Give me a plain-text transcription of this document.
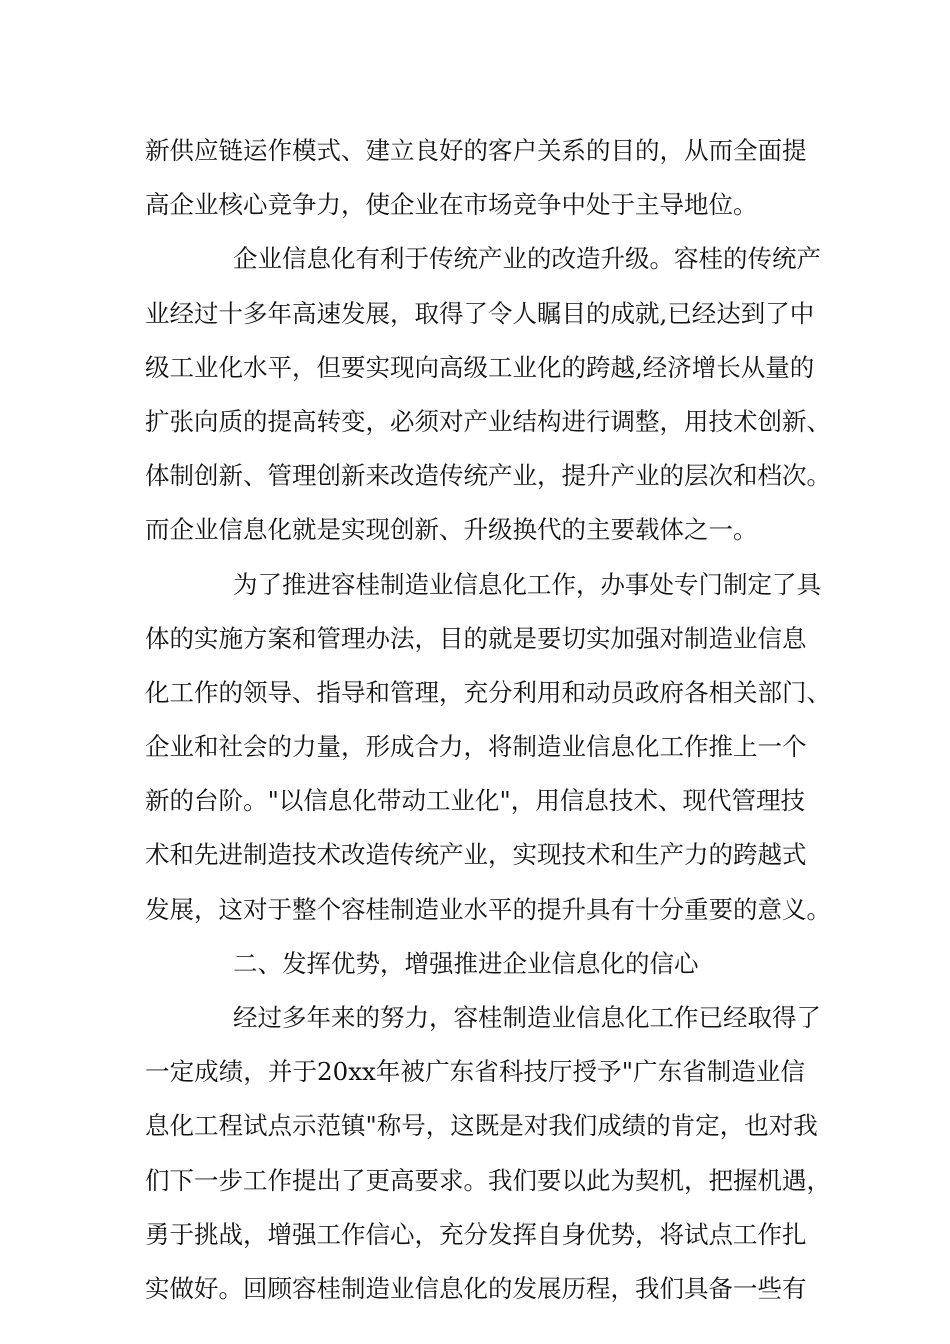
新供应链运作模式、建立良好的客户关系的目的，从而全面提
高企业核心竞争力，使企业在市场竞争中处于主导地位。
企业信息化有利于传统产业的改造升级。容桂的传统产
业经过十多年高速发展，取得了令人瞩目的成就,已经达到了中
级工业化水平，但要实现向高级工业化的跨越,经济增长从量的
扩张向质的提高转变，必须对产业结构进行调整，用技术创新、
体制创新、管理创新来改造传统产业，提升产业的层次和档次。
而企业信息化就是实现创新、升级换代的主要载体之一。
为了推进容桂制造业信息化工作，办事处专门制定了具
体的实施方案和管理办法，目的就是要切实加强对制造业信息
化工作的领导、指导和管理，充分利用和动员政府各相关部门、
企业和社会的力量，形成合力，将制造业信息化工作推上一个
新的台阶。"以信息化带动工业化"，用信息技术、现代管理技
术和先进制造技术改造传统产业，实现技术和生产力的跨越式
发展，这对于整个容桂制造业水平的提升具有十分重要的意义。
二、发挥优势，增强推进企业信息化的信心
经过多年来的努力，容桂制造业信息化工作已经取得了
一定成绩，并于20xx年被广东省科技厅授予"广东省制造业信
息化工程试点示范镇"称号，这既是对我们成绩的肯定，也对我
们下一步工作提出了更高要求。我们要以此为契机，把握机遇，
勇于挑战，增强工作信心，充分发挥自身优势，将试点工作扎
实做好。回顾容桂制造业信息化的发展历程，我们具备一些有
